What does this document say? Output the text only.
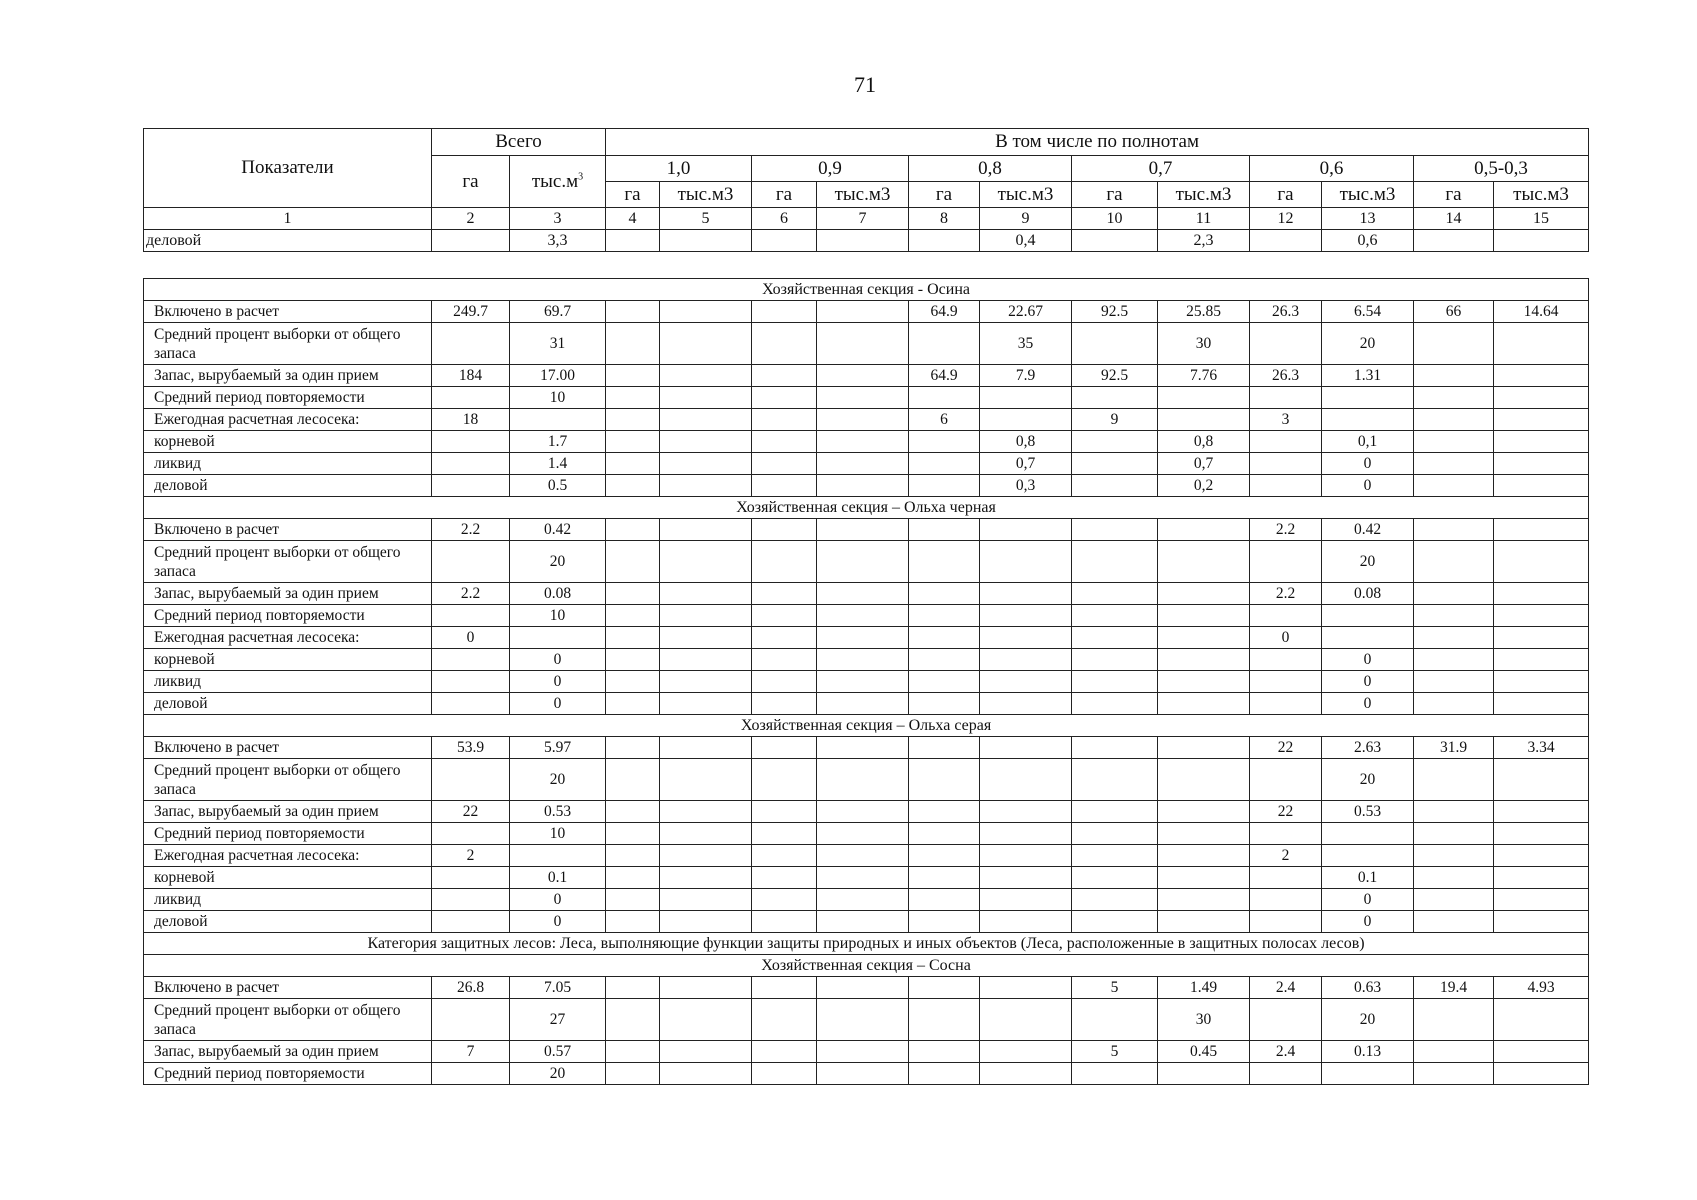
71
Показатели	Всего		В том числе по полнотам											
	га	$тыс.м^3$	1,0		0,9		0,8		0,7		0,6		0,5-0,3	
			га	тыс.м3	га	тыс.м3	га	тыс.м3	га	тыс.м3	га	тыс.м3	га	тыс.м3
1	2	3	4	5	6	7	8	9	10	11	12	13	14	15
деловой		3,3						0,4		2,3		0,6		
Хозяйственная секция - Осина														
Включено в расчет	249.7	69.7					64.9	22.67	92.5	25.85	26.3	6.54	66	14.64
Средний процент выборки от общего запаса		31						35		30		20		
Запас, вырубаемый за один прием	184	17.00					64.9	7.9	92.5	7.76	26.3	1.31		
Средний период повторяемости		10												
Ежегодная расчетная лесосека:	18						6		9		3			
корневой		1.7						0,8		0,8		0,1		
ликвид		1.4						0,7		0,7		0		
деловой		0.5						0,3		0,2		0		
Хозяйственная секция – Ольха черная														
Включено в расчет	2.2	0.42									2.2	0.42		
Средний процент выборки от общего запаса		20										20		
Запас, вырубаемый за один прием	2.2	0.08									2.2	0.08		
Средний период повторяемости		10												
Ежегодная расчетная лесосека:	0										0			
корневой		0										0		
ликвид		0										0		
деловой		0										0		
Хозяйственная секция – Ольха серая														
Включено в расчет	53.9	5.97									22	2.63	31.9	3.34
Средний процент выборки от общего запаса		20										20		
Запас, вырубаемый за один прием	22	0.53									22	0.53		
Средний период повторяемости		10												
Ежегодная расчетная лесосека:	2										2			
корневой		0.1										0.1		
ликвид		0										0		
деловой		0										0		
Категория защитных лесов: Леса, выполняющие функции защиты природных и иных объектов (Леса, расположенные в защитных полосах лесов)														
Хозяйственная секция – Сосна														
Включено в расчет	26.8	7.05							5	1.49	2.4	0.63	19.4	4.93
Средний процент выборки от общего запаса		27								30		20		
Запас, вырубаемый за один прием	7	0.57							5	0.45	2.4	0.13		
Средний период повторяемости		20												
